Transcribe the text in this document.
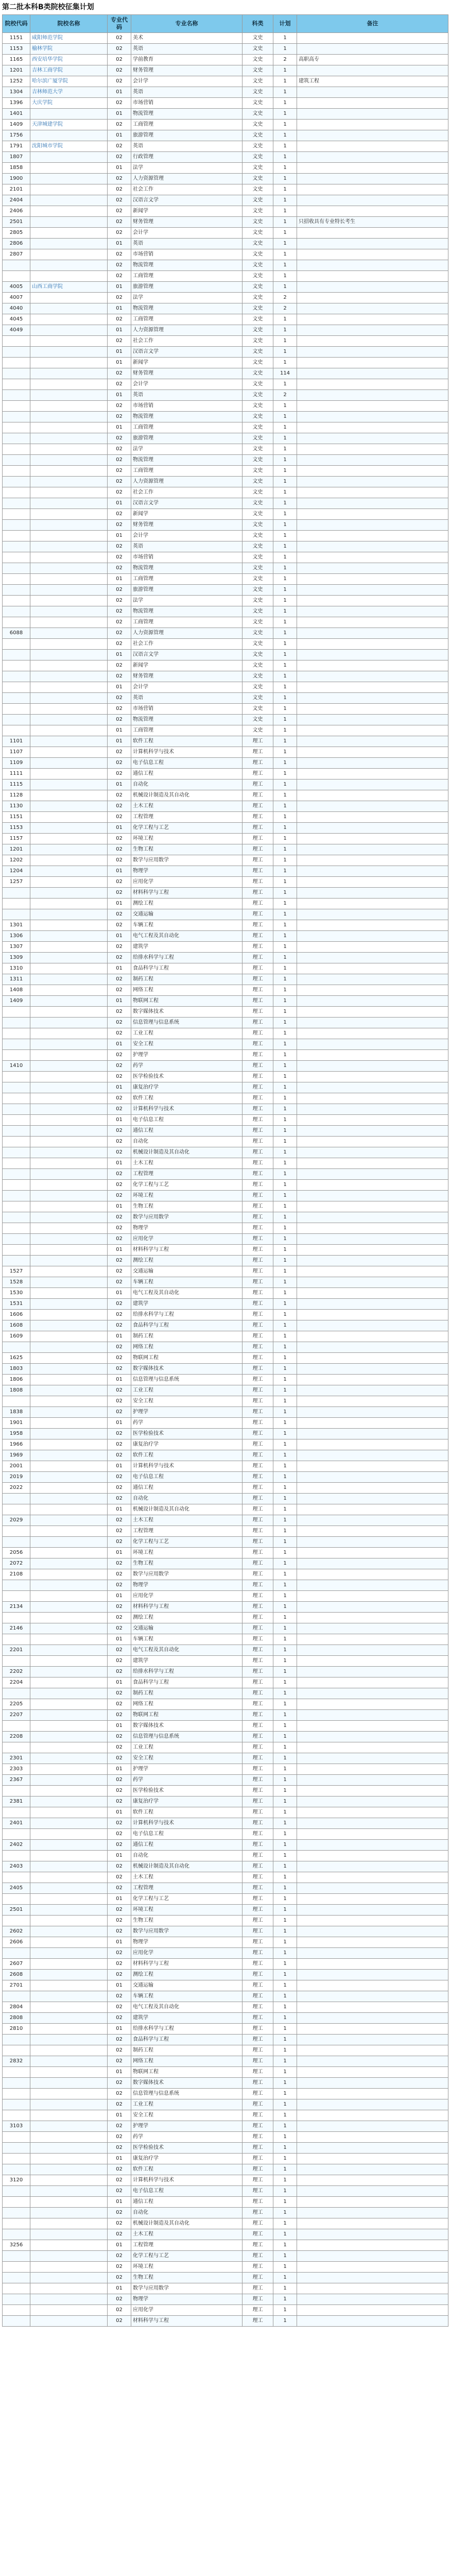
第二批本科B类院校征集计划
院校代码	院校名称	专业代码	专业名称	科类	计划	备注
1151	咸阳师范学院	02	美术	文史	1	
1153	榆林学院	02	英语	文史	1	
1165	西安培华学院	02	学前教育	文史	2	高职高专
1201	吉林工商学院	02	财务管理	文史	1	
1252	哈尔滨广厦学院	02	会计学	文史	1	建筑工程
1304	吉林师范大学	01	英语	文史	1	
1396	大庆学院	02	市场营销	文史	1	
1401		01	物流管理	文史	1	
1409	天津城建学院	02	工商管理	文史	1	
1756		01	旅游管理	文史	1	
1791	沈阳城市学院	02	英语	文史	1	
1807		02	行政管理	文史	1	
1858		01	法学	文史	1	
1900		02	人力资源管理	文史	1	
2101		02	社会工作	文史	1	
2404		02	汉语言文学	文史	1	
2406		02	新闻学	文史	1	
2501		02	财务管理	文史	1	只招收具有专业特长考生
2805		02	会计学	文史	1	
2806		01	英语	文史	1	
2807		02	市场营销	文史	1	
		02	物流管理	文史	1	
		02	工商管理	文史	1	
4005	山西工商学院	01	旅游管理	文史	1	
4007		02	法学	文史	2	
4040		01	物流管理	文史	2	
4045		02	工商管理	文史	1	
4049		01	人力资源管理	文史	1	
		02	社会工作	文史	1	
		01	汉语言文学	文史	1	
		01	新闻学	文史	1	
		02	财务管理	文史	114	
		02	会计学	文史	1	
		01	英语	文史	2	
		02	市场营销	文史	1	
		02	物流管理	文史	1	
		01	工商管理	文史	1	
		02	旅游管理	文史	1	
		02	法学	文史	1	
		02	物流管理	文史	1	
		02	工商管理	文史	1	
		02	人力资源管理	文史	1	
		02	社会工作	文史	1	
		01	汉语言文学	文史	1	
		02	新闻学	文史	1	
		02	财务管理	文史	1	
		01	会计学	文史	1	
		02	英语	文史	1	
		02	市场营销	文史	1	
		02	物流管理	文史	1	
		01	工商管理	文史	1	
		02	旅游管理	文史	1	
		02	法学	文史	1	
		02	物流管理	文史	1	
		02	工商管理	文史	1	
6088		02	人力资源管理	文史	1	
		02	社会工作	文史	1	
		01	汉语言文学	文史	1	
		02	新闻学	文史	1	
		02	财务管理	文史	1	
		01	会计学	文史	1	
		02	英语	文史	1	
		02	市场营销	文史	1	
		02	物流管理	文史	1	
		01	工商管理	文史	1	
1101		01	软件工程	理工	1	
1107		02	计算机科学与技术	理工	1	
1109		02	电子信息工程	理工	1	
1111		02	通信工程	理工	1	
1115		01	自动化	理工	1	
1128		02	机械设计制造及其自动化	理工	1	
1130		02	土木工程	理工	1	
1151		02	工程管理	理工	1	
1153		01	化学工程与工艺	理工	1	
1157		02	环境工程	理工	1	
1201		02	生物工程	理工	1	
1202		02	数学与应用数学	理工	1	
1204		01	物理学	理工	1	
1257		02	应用化学	理工	1	
		02	材料科学与工程	理工	1	
		01	测绘工程	理工	1	
		02	交通运输	理工	1	
1301		02	车辆工程	理工	1	
1306		01	电气工程及其自动化	理工	1	
1307		02	建筑学	理工	1	
1309		02	给排水科学与工程	理工	1	
1310		01	食品科学与工程	理工	1	
1311		02	制药工程	理工	1	
1408		02	网络工程	理工	1	
1409		01	物联网工程	理工	1	
		02	数字媒体技术	理工	1	
		02	信息管理与信息系统	理工	1	
		02	工业工程	理工	1	
		01	安全工程	理工	1	
		02	护理学	理工	1	
1410		02	药学	理工	1	
		02	医学检验技术	理工	1	
		01	康复治疗学	理工	1	
		02	软件工程	理工	1	
		02	计算机科学与技术	理工	1	
		01	电子信息工程	理工	1	
		02	通信工程	理工	1	
		02	自动化	理工	1	
		02	机械设计制造及其自动化	理工	1	
		01	土木工程	理工	1	
		02	工程管理	理工	1	
		02	化学工程与工艺	理工	1	
		02	环境工程	理工	1	
		01	生物工程	理工	1	
		02	数学与应用数学	理工	1	
		02	物理学	理工	1	
		02	应用化学	理工	1	
		01	材料科学与工程	理工	1	
		02	测绘工程	理工	1	
1527		02	交通运输	理工	1	
1528		02	车辆工程	理工	1	
1530		01	电气工程及其自动化	理工	1	
1531		02	建筑学	理工	1	
1606		02	给排水科学与工程	理工	1	
1608		02	食品科学与工程	理工	1	
1609		01	制药工程	理工	1	
		02	网络工程	理工	1	
1625		02	物联网工程	理工	1	
1803		02	数字媒体技术	理工	1	
1806		01	信息管理与信息系统	理工	1	
1808		02	工业工程	理工	1	
		02	安全工程	理工	1	
1838		02	护理学	理工	1	
1901		01	药学	理工	1	
1958		02	医学检验技术	理工	1	
1966		02	康复治疗学	理工	1	
1969		02	软件工程	理工	1	
2001		01	计算机科学与技术	理工	1	
2019		02	电子信息工程	理工	1	
2022		02	通信工程	理工	1	
		02	自动化	理工	1	
		01	机械设计制造及其自动化	理工	1	
2029		02	土木工程	理工	1	
		02	工程管理	理工	1	
		02	化学工程与工艺	理工	1	
2056		01	环境工程	理工	1	
2072		02	生物工程	理工	1	
2108		02	数学与应用数学	理工	1	
		02	物理学	理工	1	
		01	应用化学	理工	1	
2134		02	材料科学与工程	理工	1	
		02	测绘工程	理工	1	
2146		02	交通运输	理工	1	
		01	车辆工程	理工	1	
2201		02	电气工程及其自动化	理工	1	
		02	建筑学	理工	1	
2202		02	给排水科学与工程	理工	1	
2204		01	食品科学与工程	理工	1	
		02	制药工程	理工	1	
2205		02	网络工程	理工	1	
2207		02	物联网工程	理工	1	
		01	数字媒体技术	理工	1	
2208		02	信息管理与信息系统	理工	1	
		02	工业工程	理工	1	
2301		02	安全工程	理工	1	
2303		01	护理学	理工	1	
2367		02	药学	理工	1	
		02	医学检验技术	理工	1	
2381		02	康复治疗学	理工	1	
		01	软件工程	理工	1	
2401		02	计算机科学与技术	理工	1	
		02	电子信息工程	理工	1	
2402		02	通信工程	理工	1	
		01	自动化	理工	1	
2403		02	机械设计制造及其自动化	理工	1	
		02	土木工程	理工	1	
2405		02	工程管理	理工	1	
		01	化学工程与工艺	理工	1	
2501		02	环境工程	理工	1	
		02	生物工程	理工	1	
2602		02	数学与应用数学	理工	1	
2606		01	物理学	理工	1	
		02	应用化学	理工	1	
2607		02	材料科学与工程	理工	1	
2608		02	测绘工程	理工	1	
2701		01	交通运输	理工	1	
		02	车辆工程	理工	1	
2804		02	电气工程及其自动化	理工	1	
2808		02	建筑学	理工	1	
2810		01	给排水科学与工程	理工	1	
		02	食品科学与工程	理工	1	
		02	制药工程	理工	1	
2832		02	网络工程	理工	1	
		01	物联网工程	理工	1	
		02	数字媒体技术	理工	1	
		02	信息管理与信息系统	理工	1	
		02	工业工程	理工	1	
		01	安全工程	理工	1	
3103		02	护理学	理工	1	
		02	药学	理工	1	
		02	医学检验技术	理工	1	
		01	康复治疗学	理工	1	
		02	软件工程	理工	1	
3120		02	计算机科学与技术	理工	1	
		02	电子信息工程	理工	1	
		01	通信工程	理工	1	
		02	自动化	理工	1	
		02	机械设计制造及其自动化	理工	1	
		02	土木工程	理工	1	
3256		01	工程管理	理工	1	
		02	化学工程与工艺	理工	1	
		02	环境工程	理工	1	
		02	生物工程	理工	1	
		01	数学与应用数学	理工	1	
		02	物理学	理工	1	
		02	应用化学	理工	1	
		02	材料科学与工程	理工	1	
